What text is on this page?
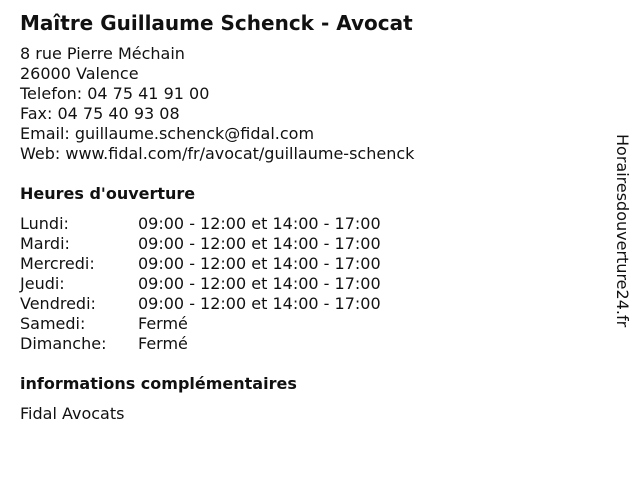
Maître Guillaume Schenck - Avocat
8 rue Pierre Méchain
26000 Valence
Telefon: 04 75 41 91 00
Fax: 04 75 40 93 08
Email: guillaume.schenck@fidal.com
Web: www.fidal.com/fr/avocat/guillaume-schenck
Heures d'ouverture
Lundi:	09:00 - 12:00 et 14:00 - 17:00
Mardi:	09:00 - 12:00 et 14:00 - 17:00
Mercredi:	09:00 - 12:00 et 14:00 - 17:00
Jeudi:	09:00 - 12:00 et 14:00 - 17:00
Vendredi:	09:00 - 12:00 et 14:00 - 17:00
Samedi:	Fermé
Dimanche:	Fermé
informations complémentaires
Fidal Avocats
Horairesdouverture24.fr
